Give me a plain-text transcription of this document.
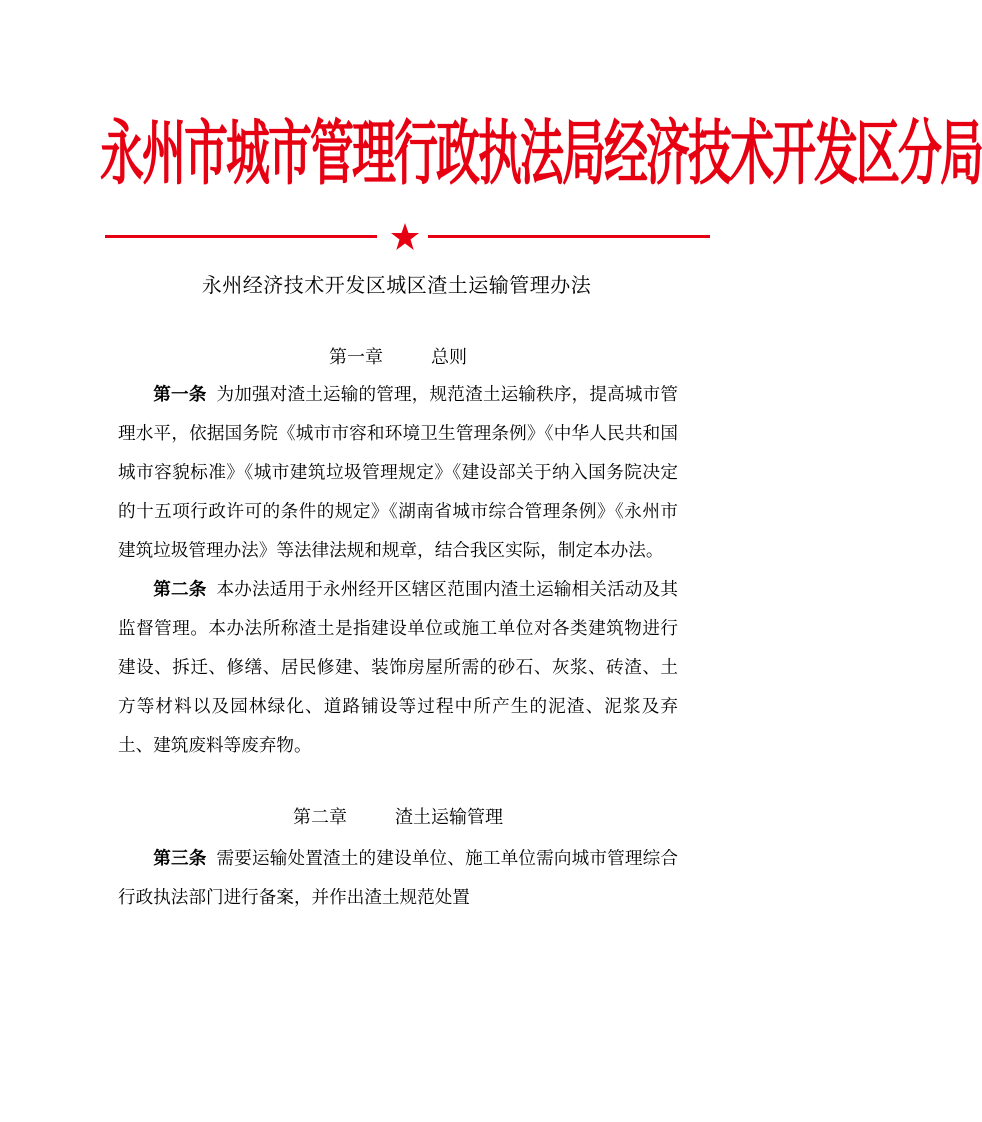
永州市城市管理行政执法局经济技术开发区分局
永州经济技术开发区城区渣土运输管理办法
第一章	总则

第一条 为加强对渣土运输的管理，规范渣土运输秩序，提高城市管理水平，依据国务院《城市市容和环境卫生管理条例》《中华人民共和国城市容貌标准》《城市建筑垃圾管理规定》《建设部关于纳入国务院决定的十五项行政许可的条件的规定》《湖南省城市综合管理条例》《永州市建筑垃圾管理办法》等法律法规和规章，结合我区实际，制定本办法。

第二条 本办法适用于永州经开区辖区范围内渣土运输相关活动及其监督管理。本办法所称渣土是指建设单位或施工单位对各类建筑物进行建设、拆迁、修缮、居民修建、装饰房屋所需的砂石、灰浆、砖渣、土方等材料以及园林绿化、道路铺设等过程中所产生的泥渣、泥浆及弃土、建筑废料等废弃物。

第二章	渣土运输管理

第三条 需要运输处置渣土的建设单位、施工单位需向城市管理综合行政执法部门进行备案，并作出渣土规范处置
